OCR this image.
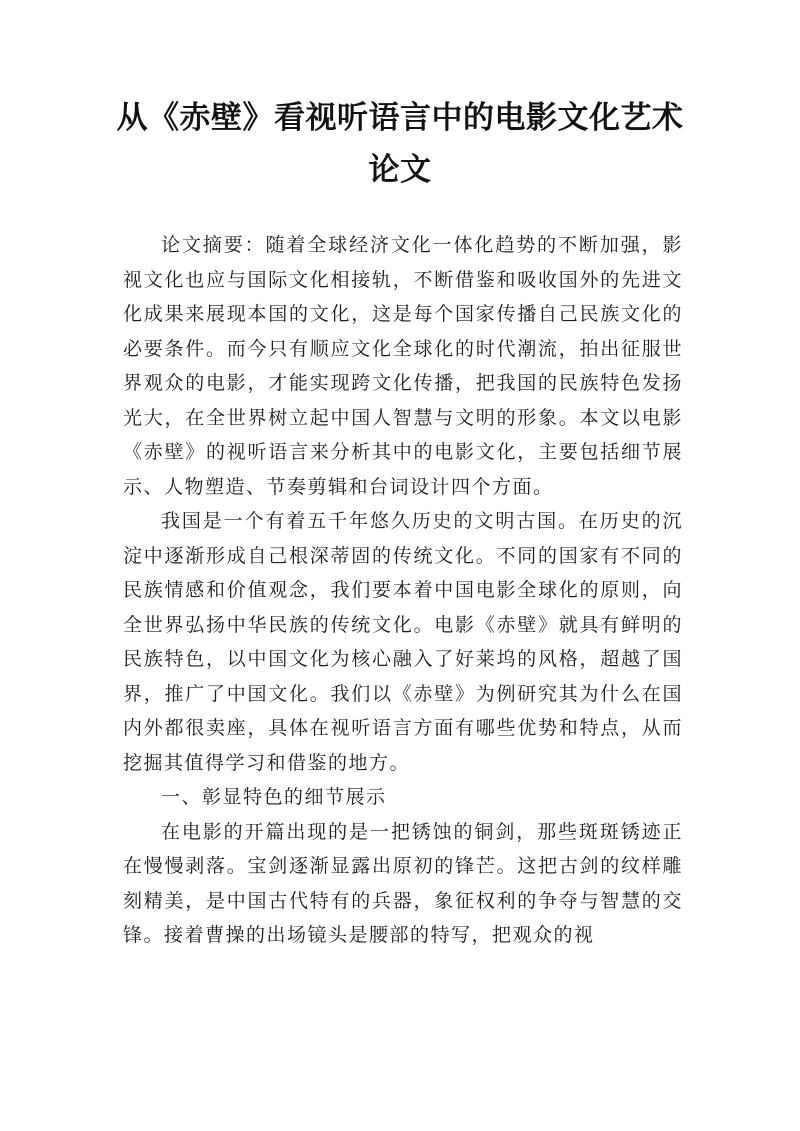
从《赤壁》看视听语言中的电影文化艺术论文

论文摘要：随着全球经济文化一体化趋势的不断加强，影视文化也应与国际文化相接轨，不断借鉴和吸收国外的先进文化成果来展现本国的文化，这是每个国家传播自己民族文化的必要条件。而今只有顺应文化全球化的时代潮流，拍出征服世界观众的电影，才能实现跨文化传播，把我国的民族特色发扬光大，在全世界树立起中国人智慧与文明的形象。本文以电影《赤壁》的视听语言来分析其中的电影文化，主要包括细节展示、人物塑造、节奏剪辑和台词设计四个方面。

我国是一个有着五千年悠久历史的文明古国。在历史的沉淀中逐渐形成自己根深蒂固的传统文化。不同的国家有不同的民族情感和价值观念，我们要本着中国电影全球化的原则，向全世界弘扬中华民族的传统文化。电影《赤壁》就具有鲜明的民族特色，以中国文化为核心融入了好莱坞的风格，超越了国界，推广了中国文化。我们以《赤壁》为例研究其为什么在国内外都很卖座，具体在视听语言方面有哪些优势和特点，从而挖掘其值得学习和借鉴的地方。

一、彰显特色的细节展示

在电影的开篇出现的是一把锈蚀的铜剑，那些斑斑锈迹正在慢慢剥落。宝剑逐渐显露出原初的锋芒。这把古剑的纹样雕刻精美，是中国古代特有的兵器，象征权利的争夺与智慧的交锋。接着曹操的出场镜头是腰部的特写，把观众的视
